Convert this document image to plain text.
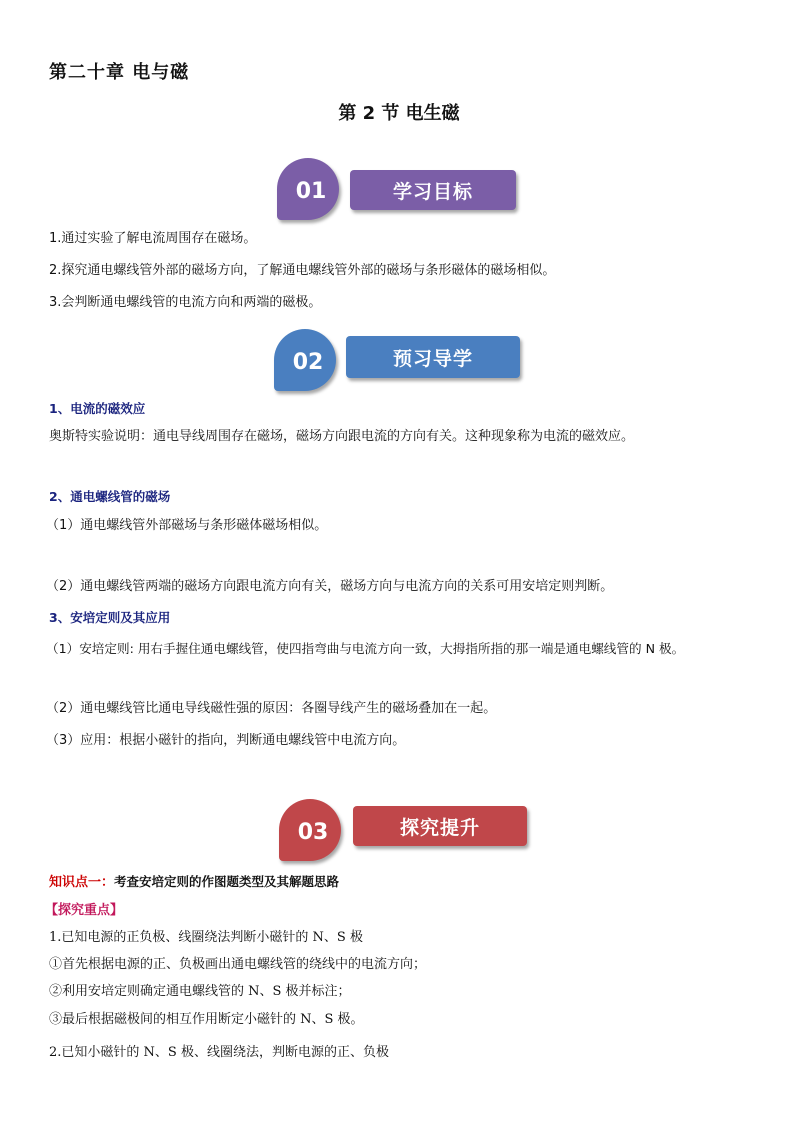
第二十章 电与磁
第 2 节 电生磁
01	学习目标
1.通过实验了解电流周围存在磁场。
2.探究通电螺线管外部的磁场方向，了解通电螺线管外部的磁场与条形磁体的磁场相似。
3.会判断通电螺线管的电流方向和两端的磁极。
02	预习导学
1、电流的磁效应
奥斯特实验说明：通电导线周围存在磁场，磁场方向跟电流的方向有关。这种现象称为电流的磁效应。
2、通电螺线管的磁场
（1）通电螺线管外部磁场与条形磁体磁场相似。
（2）通电螺线管两端的磁场方向跟电流方向有关，磁场方向与电流方向的关系可用安培定则判断。
3、安培定则及其应用
（1）安培定则: 用右手握住通电螺线管，使四指弯曲与电流方向一致，大拇指所指的那一端是通电螺线管的 N 极。
（2）通电螺线管比通电导线磁性强的原因：各圈导线产生的磁场叠加在一起。
（3）应用：根据小磁针的指向，判断通电螺线管中电流方向。
03	探究提升
知识点一：考查安培定则的作图题类型及其解题思路
【探究重点】
1.已知电源的正负极、线圈绕法判断小磁针的 N、S 极
①首先根据电源的正、负极画出通电螺线管的绕线中的电流方向；
②利用安培定则确定通电螺线管的 N、S 极并标注；
③最后根据磁极间的相互作用断定小磁针的 N、S 极。
2.已知小磁针的 N、S 极、线圈绕法，判断电源的正、负极
